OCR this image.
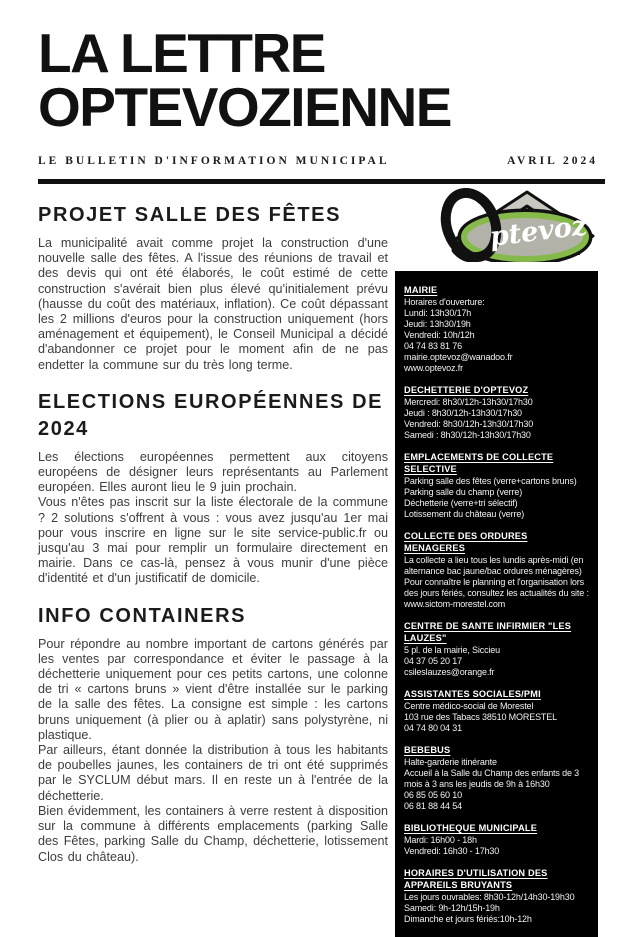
LA LETTRE
OPTEVOZIENNE
LE BULLETIN D'INFORMATION MUNICIPAL	AVRIL 2024
PROJET SALLE DES FÊTES

La municipalité avait comme projet la construction d'une nouvelle salle des fêtes. A l'issue des réunions de travail et des devis qui ont été élaborés, le coût estimé de cette construction s'avérait bien plus élevé qu'initialement prévu (hausse du coût des matériaux, inflation). Ce coût dépassant les 2 millions d'euros pour la construction uniquement (hors aménagement et équipement), le Conseil Municipal a décidé d'abandonner ce projet pour le moment afin de ne pas endetter la commune sur du très long terme.

ELECTIONS EUROPÉENNES DE 2024

Les élections européennes permettent aux citoyens européens de désigner leurs représentants au Parlement européen. Elles auront lieu le 9 juin prochain.

Vous n'êtes pas inscrit sur la liste électorale de la commune ? 2 solutions s'offrent à vous : vous avez jusqu'au 1er mai pour vous inscrire en ligne sur le site service-public.fr ou jusqu'au 3 mai pour remplir un formulaire directement en mairie. Dans ce cas-là, pensez à vous munir d'une pièce d'identité et d'un justificatif de domicile.

INFO CONTAINERS

Pour répondre au nombre important de cartons générés par les ventes par correspondance et éviter le passage à la déchetterie uniquement pour ces petits cartons, une colonne de tri « cartons bruns » vient d'être installée sur le parking de la salle des fêtes. La consigne est simple : les cartons bruns uniquement (à plier ou à aplatir) sans polystyrène, ni plastique.

Par ailleurs, étant donnée la distribution à tous les habitants de poubelles jaunes, les containers de tri ont été supprimés par le SYCLUM début mars. Il en reste un à l'entrée de la déchetterie.

Bien évidemment, les containers à verre restent à disposition sur la commune à différents emplacements (parking Salle des Fêtes, parking Salle du Champ, déchetterie, lotissement Clos du château).

ptevoz
MAIRIE
Horaires d'ouverture:
Lundi: 13h30/17h
Jeudi: 13h30/19h
Vendredi: 10h/12h
04 74 83 81 76
mairie.optevoz@wanadoo.fr
www.optevoz.fr
DECHETTERIE D'OPTEVOZ
Mercredi: 8h30/12h-13h30/17h30
Jeudi : 8h30/12h-13h30/17h30
Vendredi: 8h30/12h-13h30/17h30
Samedi : 8h30/12h-13h30/17h30
EMPLACEMENTS DE COLLECTE SELECTIVE
Parking salle des fêtes (verre+cartons bruns)
Parking salle du champ (verre)
Déchetterie (verre+tri sélectif)
Lotissement du château (verre)
COLLECTE DES ORDURES MENAGERES
La collecte a lieu tous les lundis après-midi (en alternance bac jaune/bac ordures ménagères) Pour connaître le planning et l'organisation lors des jours fériés, consultez les actualités du site :
www.sictom-morestel.com
CENTRE DE SANTE INFIRMIER "LES LAUZES"
5 pl. de la mairie, Siccieu
04 37 05 20 17
csileslauzes@orange.fr
ASSISTANTES SOCIALES/PMI
Centre médico-social de Morestel
103 rue des Tabacs 38510 MORESTEL
04 74 80 04 31
BEBEBUS
Halte-garderie itinérante
Accueil à la Salle du Champ des enfants de 3 mois à 3 ans les jeudis de 9h à 16h30
06 85 05 60 10
06 81 88 44 54
BIBLIOTHEQUE MUNICIPALE
Mardi: 16h00 - 18h
Vendredi: 16h30 - 17h30
HORAIRES D'UTILISATION DES APPAREILS BRUYANTS
Les jours ouvrables: 8h30-12h/14h30-19h30
Samedi: 9h-12h/15h-19h
Dimanche et jours fériés:10h-12h
